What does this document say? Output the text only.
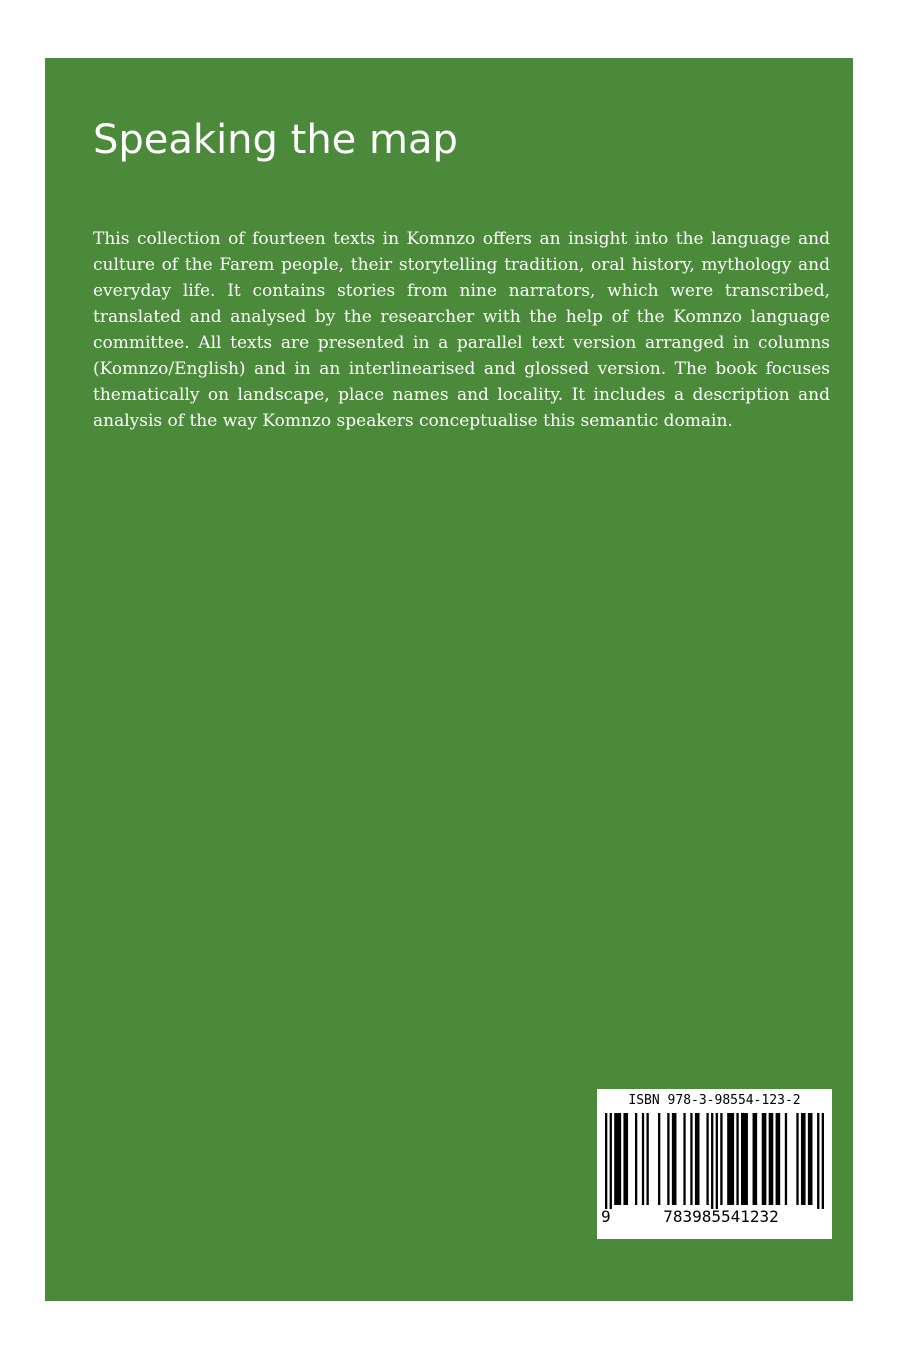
Speaking the map

This collection of fourteen texts in Komnzo offers an insight into the language and culture of the Farem people, their storytelling tradition, oral history, mythology and everyday life. It contains stories from nine narrators, which were transcribed, translated and analysed by the researcher with the help of the Komnzo language committee. All texts are presented in a parallel text version arranged in columns (Komnzo/English) and in an interlinearised and glossed version. The book focuses thematically on landscape, place names and locality. It includes a description and analysis of the way Komnzo speakers conceptualise this semantic domain.

ISBN 978-3-98554-123-2
9	783985541232
